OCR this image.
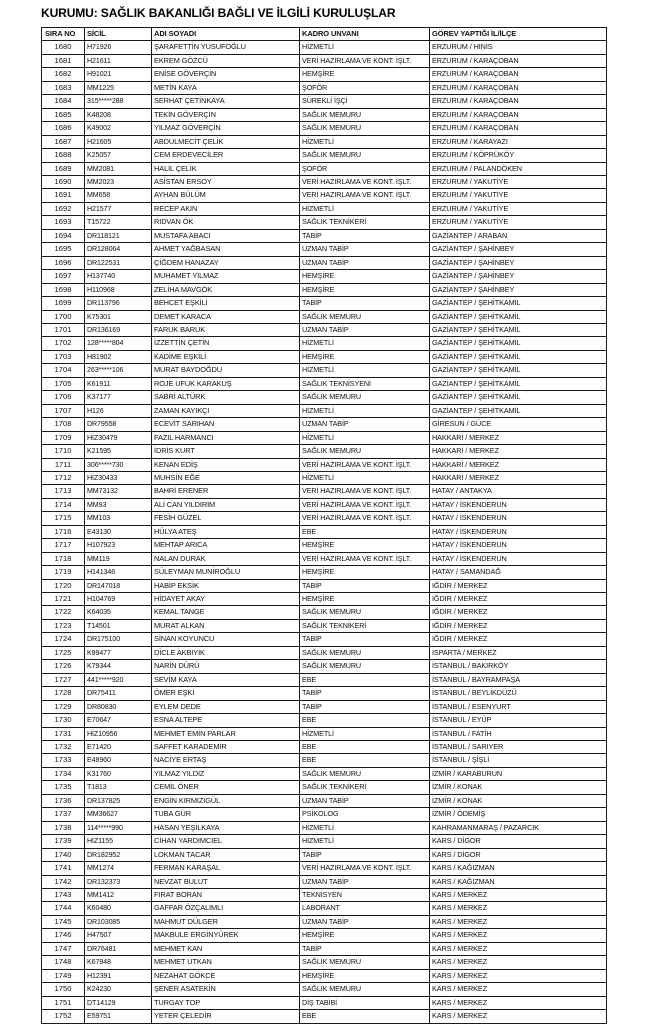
KURUMU: SAĞLIK BAKANLIĞI BAĞLI VE İLGİLİ KURULUŞLAR
SIRA NO	SİCİL	ADI SOYADI	KADRO UNVANI	GÖREV YAPTIĞI İL/İLÇE
1680	H71926	ŞARAFETTİN YUSUFOĞLU	HİZMETLİ	ERZURUM / HINIS
1681	H21611	EKREM GÖZCÜ	VERİ HAZIRLAMA VE KONT. İŞLT.	ERZURUM / KARAÇOBAN
1682	H91021	ENİSE GÖVERÇİN	HEMŞİRE	ERZURUM / KARAÇOBAN
1683	MM1225	METİN KAYA	ŞOFÖR	ERZURUM / KARAÇOBAN
1684	315*****288	SERHAT ÇETİNKAYA	SÜREKLİ İŞÇİ	ERZURUM / KARAÇOBAN
1685	K48208	TEKİN GÖVERÇİN	SAĞLIK MEMURU	ERZURUM / KARAÇOBAN
1686	K49002	YILMAZ GÖVERÇİN	SAĞLIK MEMURU	ERZURUM / KARAÇOBAN
1687	H21605	ABDULMECİT ÇELİK	HİZMETLİ	ERZURUM / KARAYAZI
1688	K25057	CEM ERDEVECİLER	SAĞLIK MEMURU	ERZURUM / KÖPRÜKÖY
1689	MM2081	HALİL ÇELİK	ŞOFÖR	ERZURUM / PALANDÖKEN
1690	MM2023	ASİSTAN ERSOY	VERİ HAZIRLAMA VE KONT. İŞLT.	ERZURUM / YAKUTİYE
1691	MM658	AYHAN BÜLÜM	VERİ HAZIRLAMA VE KONT. İŞLT.	ERZURUM / YAKUTİYE
1692	H21577	RECEP AKIN	HİZMETLİ	ERZURUM / YAKUTİYE
1693	T15722	RIDVAN ÖK	SAĞLIK TEKNİKERİ	ERZURUM / YAKUTİYE
1694	DR118121	MUSTAFA ABACI	TABİP	GAZİANTEP / ARABAN
1695	DR128064	AHMET YAĞBASAN	UZMAN TABİP	GAZİANTEP / ŞAHİNBEY
1696	DR122531	ÇİĞDEM HANAZAY	UZMAN TABİP	GAZİANTEP / ŞAHİNBEY
1697	H137740	MUHAMET YILMAZ	HEMŞİRE	GAZİANTEP / ŞAHİNBEY
1698	H110968	ZELİHA MAVGÖK	HEMŞİRE	GAZİANTEP / ŞAHİNBEY
1699	DR113796	BEHCET EŞKİLİ	TABİP	GAZİANTEP / ŞEHİTKAMİL
1700	K75301	DEMET KARACA	SAĞLIK MEMURU	GAZİANTEP / ŞEHİTKAMİL
1701	DR136169	FARUK BARUK	UZMAN TABİP	GAZİANTEP / ŞEHİTKAMİL
1702	128*****804	İZZETTİN ÇETİN	HİZMETLİ	GAZİANTEP / ŞEHİTKAMİL
1703	H81902	KADİME EŞKİLİ	HEMŞİRE	GAZİANTEP / ŞEHİTKAMİL
1704	263*****106	MURAT BAYDOĞDU	HİZMETLİ	GAZİANTEP / ŞEHİTKAMİL
1705	K61911	ROJE UFUK KARAKUŞ	SAĞLIK TEKNİSYENİ	GAZİANTEP / ŞEHİTKAMİL
1706	K37177	SABRİ ALTÜRK	SAĞLIK MEMURU	GAZİANTEP / ŞEHİTKAMİL
1707	H126	ZAMAN KAYIKÇI	HİZMETLİ	GAZİANTEP / ŞEHİTKAMİL
1708	DR79558	ECEVİT SARIHAN	UZMAN TABİP	GİRESUN / GÜCE
1709	HİZ30479	FAZIL HARMANCI	HİZMETLİ	HAKKARİ / MERKEZ
1710	K21595	İDRİS KURT	SAĞLIK MEMURU	HAKKARİ / MERKEZ
1711	306*****730	KENAN EDİŞ	VERİ HAZIRLAMA VE KONT. İŞLT.	HAKKARİ / MERKEZ
1712	HİZ30433	MUHSİN EĞE	HİZMETLİ	HAKKARİ / MERKEZ
1713	MM73132	BAHRİ ERENER	VERİ HAZIRLAMA VE KONT. İŞLT.	HATAY / ANTAKYA
1714	MM93	ALİ CAN YILDIRIM	VERİ HAZIRLAMA VE KONT. İŞLT.	HATAY / İSKENDERUN
1715	MM103	FESİH GÜZEL	VERİ HAZIRLAMA VE KONT. İŞLT.	HATAY / İSKENDERUN
1716	E43130	HÜLYA ATEŞ	EBE	HATAY / İSKENDERUN
1717	H107923	MEHTAP ARICA	HEMŞİRE	HATAY / İSKENDERUN
1718	MM119	NALAN DURAK	VERİ HAZIRLAMA VE KONT. İŞLT.	HATAY / İSKENDERUN
1719	H141346	SÜLEYMAN MUNİROĞLU	HEMŞİRE	HATAY / SAMANDAĞ
1720	DR147018	HABİP EKSİK	TABİP	IĞDIR / MERKEZ
1721	H104769	HİDAYET AKAY	HEMŞİRE	IĞDIR / MERKEZ
1722	K64035	KEMAL TANGE	SAĞLIK MEMURU	IĞDIR / MERKEZ
1723	T14501	MURAT ALKAN	SAĞLIK TEKNİKERİ	IĞDIR / MERKEZ
1724	DR175100	SİNAN KOYUNCU	TABİP	IĞDIR / MERKEZ
1725	K99477	DİCLE AKBIYIK	SAĞLIK MEMURU	ISPARTA / MERKEZ
1726	K79344	NARİN DÜRÜ	SAĞLIK MEMURU	İSTANBUL / BAKIRKÖY
1727	441*****920	SEVİM KAYA	EBE	İSTANBUL / BAYRAMPAŞA
1728	DR75411	ÖMER EŞKİ	TABİP	İSTANBUL / BEYLİKDÜZÜ
1729	DR80830	EYLEM DEDE	TABİP	İSTANBUL / ESENYURT
1730	E70647	ESNA ALTEPE	EBE	İSTANBUL / EYÜP
1731	HİZ10956	MEHMET EMİN PARLAR	HİZMETLİ	İSTANBUL / FATİH
1732	E71420	SAFFET KARADEMİR	EBE	İSTANBUL / SARIYER
1733	E48960	NACİYE ERTAŞ	EBE	İSTANBUL / ŞİŞLİ
1734	K31760	YILMAZ YILDIZ	SAĞLIK MEMURU	İZMİR / KARABURUN
1735	T1813	CEMİL ÖNER	SAĞLIK TEKNİKERİ	İZMİR / KONAK
1736	DR137825	ENGİN KIRMIZIGÜL	UZMAN TABİP	İZMİR / KONAK
1737	MM36627	TUBA GÜR	PSİKOLOG	İZMİR / ÖDEMİŞ
1738	114*****990	HASAN YEŞİLKAYA	HİZMETLİ	KAHRAMANMARAŞ / PAZARCIK
1739	HİZ1155	CİHAN YARDIMCIEL	HİZMETLİ	KARS / DİGOR
1740	DR182952	LOKMAN TACAR	TABİP	KARS / DİGOR
1741	MM1274	FERMAN KARAŞAL	VERİ HAZIRLAMA VE KONT. İŞLT.	KARS / KAĞIZMAN
1742	DR132373	NEVZAT BULUT	UZMAN TABİP	KARS / KAĞIZMAN
1743	MM1412	FIRAT BORAN	TEKNİSYEN	KARS / MERKEZ
1744	K60480	GAFFAR ÖZÇALIMLI	LABORANT	KARS / MERKEZ
1745	DR103085	MAHMUT DÜLGER	UZMAN TABİP	KARS / MERKEZ
1746	H47507	MAKBULE ERGİNYÜREK	HEMŞİRE	KARS / MERKEZ
1747	DR76481	MEHMET KAN	TABİP	KARS / MERKEZ
1748	K67948	MEHMET UTKAN	SAĞLIK MEMURU	KARS / MERKEZ
1749	H12391	NEZAHAT GÖKCE	HEMŞİRE	KARS / MERKEZ
1750	K24230	ŞENER ASATEKİN	SAĞLIK MEMURU	KARS / MERKEZ
1751	DT14129	TURGAY TOP	DİŞ TABİBİ	KARS / MERKEZ
1752	E59751	YETER ÇELEDİR	EBE	KARS / MERKEZ
